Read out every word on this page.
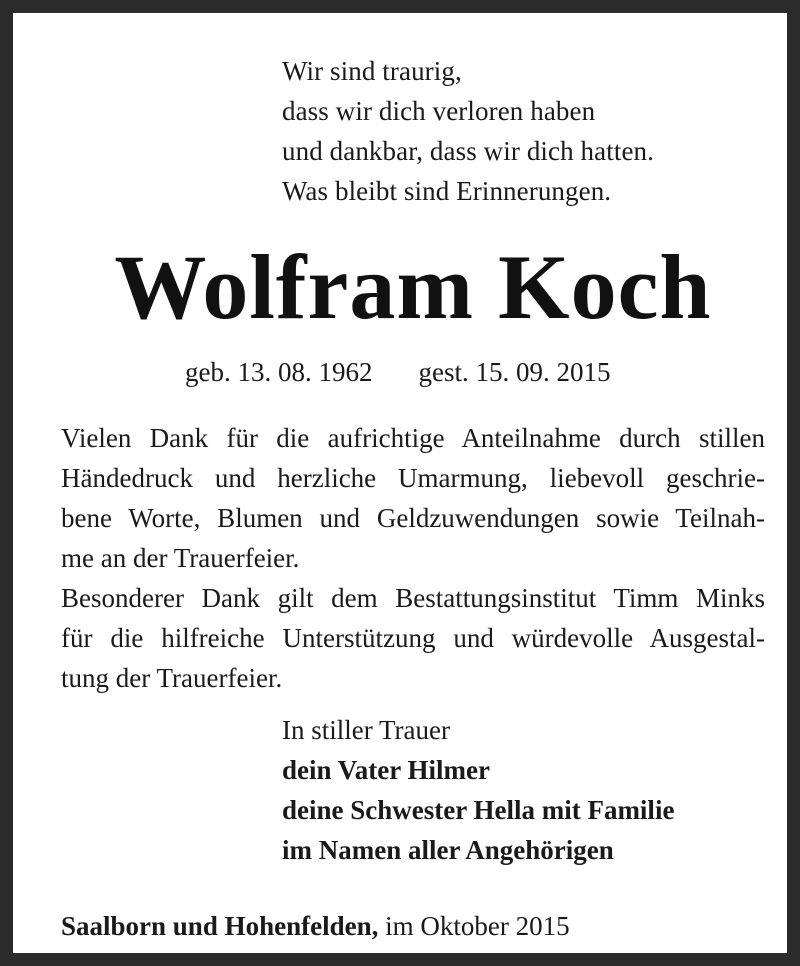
Wir sind traurig,
dass wir dich verloren haben
und dankbar, dass wir dich hatten.
Was bleibt sind Erinnerungen.
Wolfram Koch
geb. 13. 08. 1962 gest. 15. 09. 2015
Vielen Dank für die aufrichtige Anteilnahme durch stillen
Händedruck und herzliche Umarmung, liebevoll geschrie-
bene Worte, Blumen und Geldzuwendungen sowie Teilnah-
me an der Trauerfeier.
Besonderer Dank gilt dem Bestattungsinstitut Timm Minks
für die hilfreiche Unterstützung und würdevolle Ausgestal-
tung der Trauerfeier.
In stiller Trauer
dein Vater Hilmer
deine Schwester Hella mit Familie
im Namen aller Angehörigen
Saalborn und Hohenfelden, im Oktober 2015
